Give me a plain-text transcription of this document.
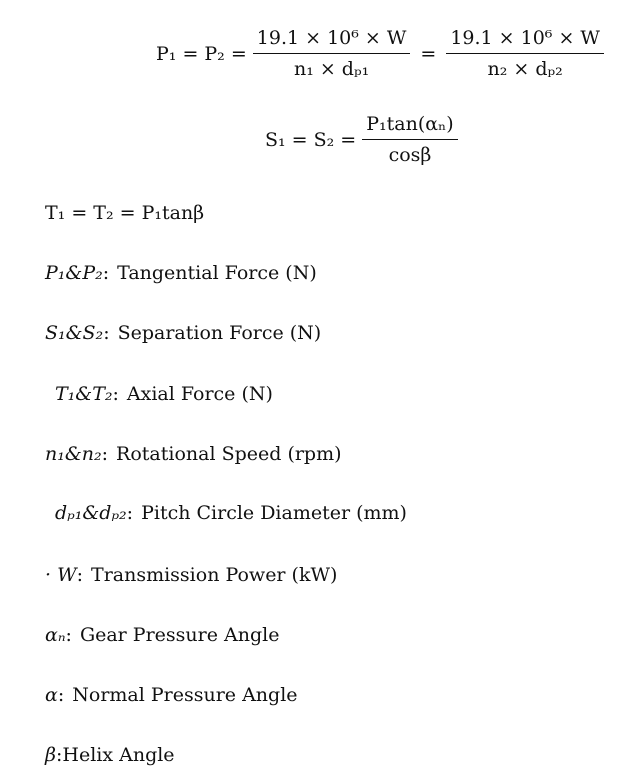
$P_1 = P_2 = \frac{\text{19.1 × 10⁶ × W}}{\text{n₁ × dₚ₁}} = \frac{\text{19.1 × 10⁶ × W}}{\text{n₂ × dₚ₂}}$
$S_1 = S_2 = \frac{\text{P₁tan(αₙ)}}{\cos\beta}$
T₁ = T₂ = P₁tanβ
P₁&P₂: Tangential Force (N)
S₁&S₂: Separation Force (N)
T₁&T₂: Axial Force (N)
n₁&n₂: Rotational Speed (rpm)
dₚ₁&dₚ₂: Pitch Circle Diameter (mm)
· W: Transmission Power (kW)
αₙ: Gear Pressure Angle
α: Normal Pressure Angle
β:Helix Angle
